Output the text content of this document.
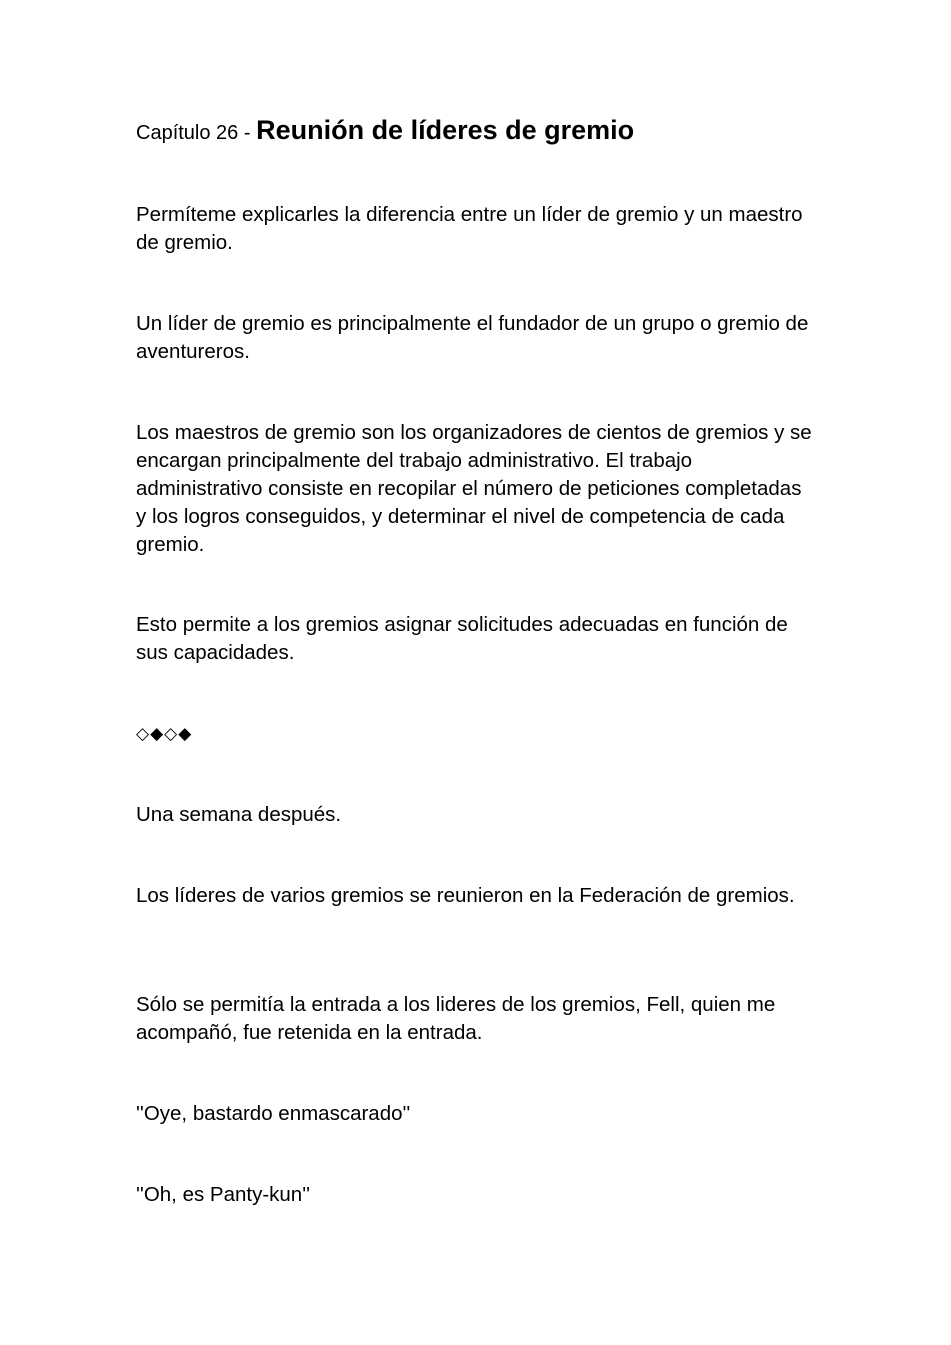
Capítulo 26 - Reunión de líderes de gremio

Permíteme explicarles la diferencia entre un líder de gremio y un maestro de gremio.

Un líder de gremio es principalmente el fundador de un grupo o gremio de aventureros.

Los maestros de gremio son los organizadores de cientos de gremios y se encargan principalmente del trabajo administrativo. El trabajo administrativo consiste en recopilar el número de peticiones completadas y los logros conseguidos, y determinar el nivel de competencia de cada gremio.

Esto permite a los gremios asignar solicitudes adecuadas en función de sus capacidades.

◇◆◇◆

Una semana después.

Los líderes de varios gremios se reunieron en la Federación de gremios.

Sólo se permitía la entrada a los lideres de los gremios, Fell, quien me acompañó, fue retenida en la entrada.

''Oye, bastardo enmascarado''

''Oh, es Panty-kun''
